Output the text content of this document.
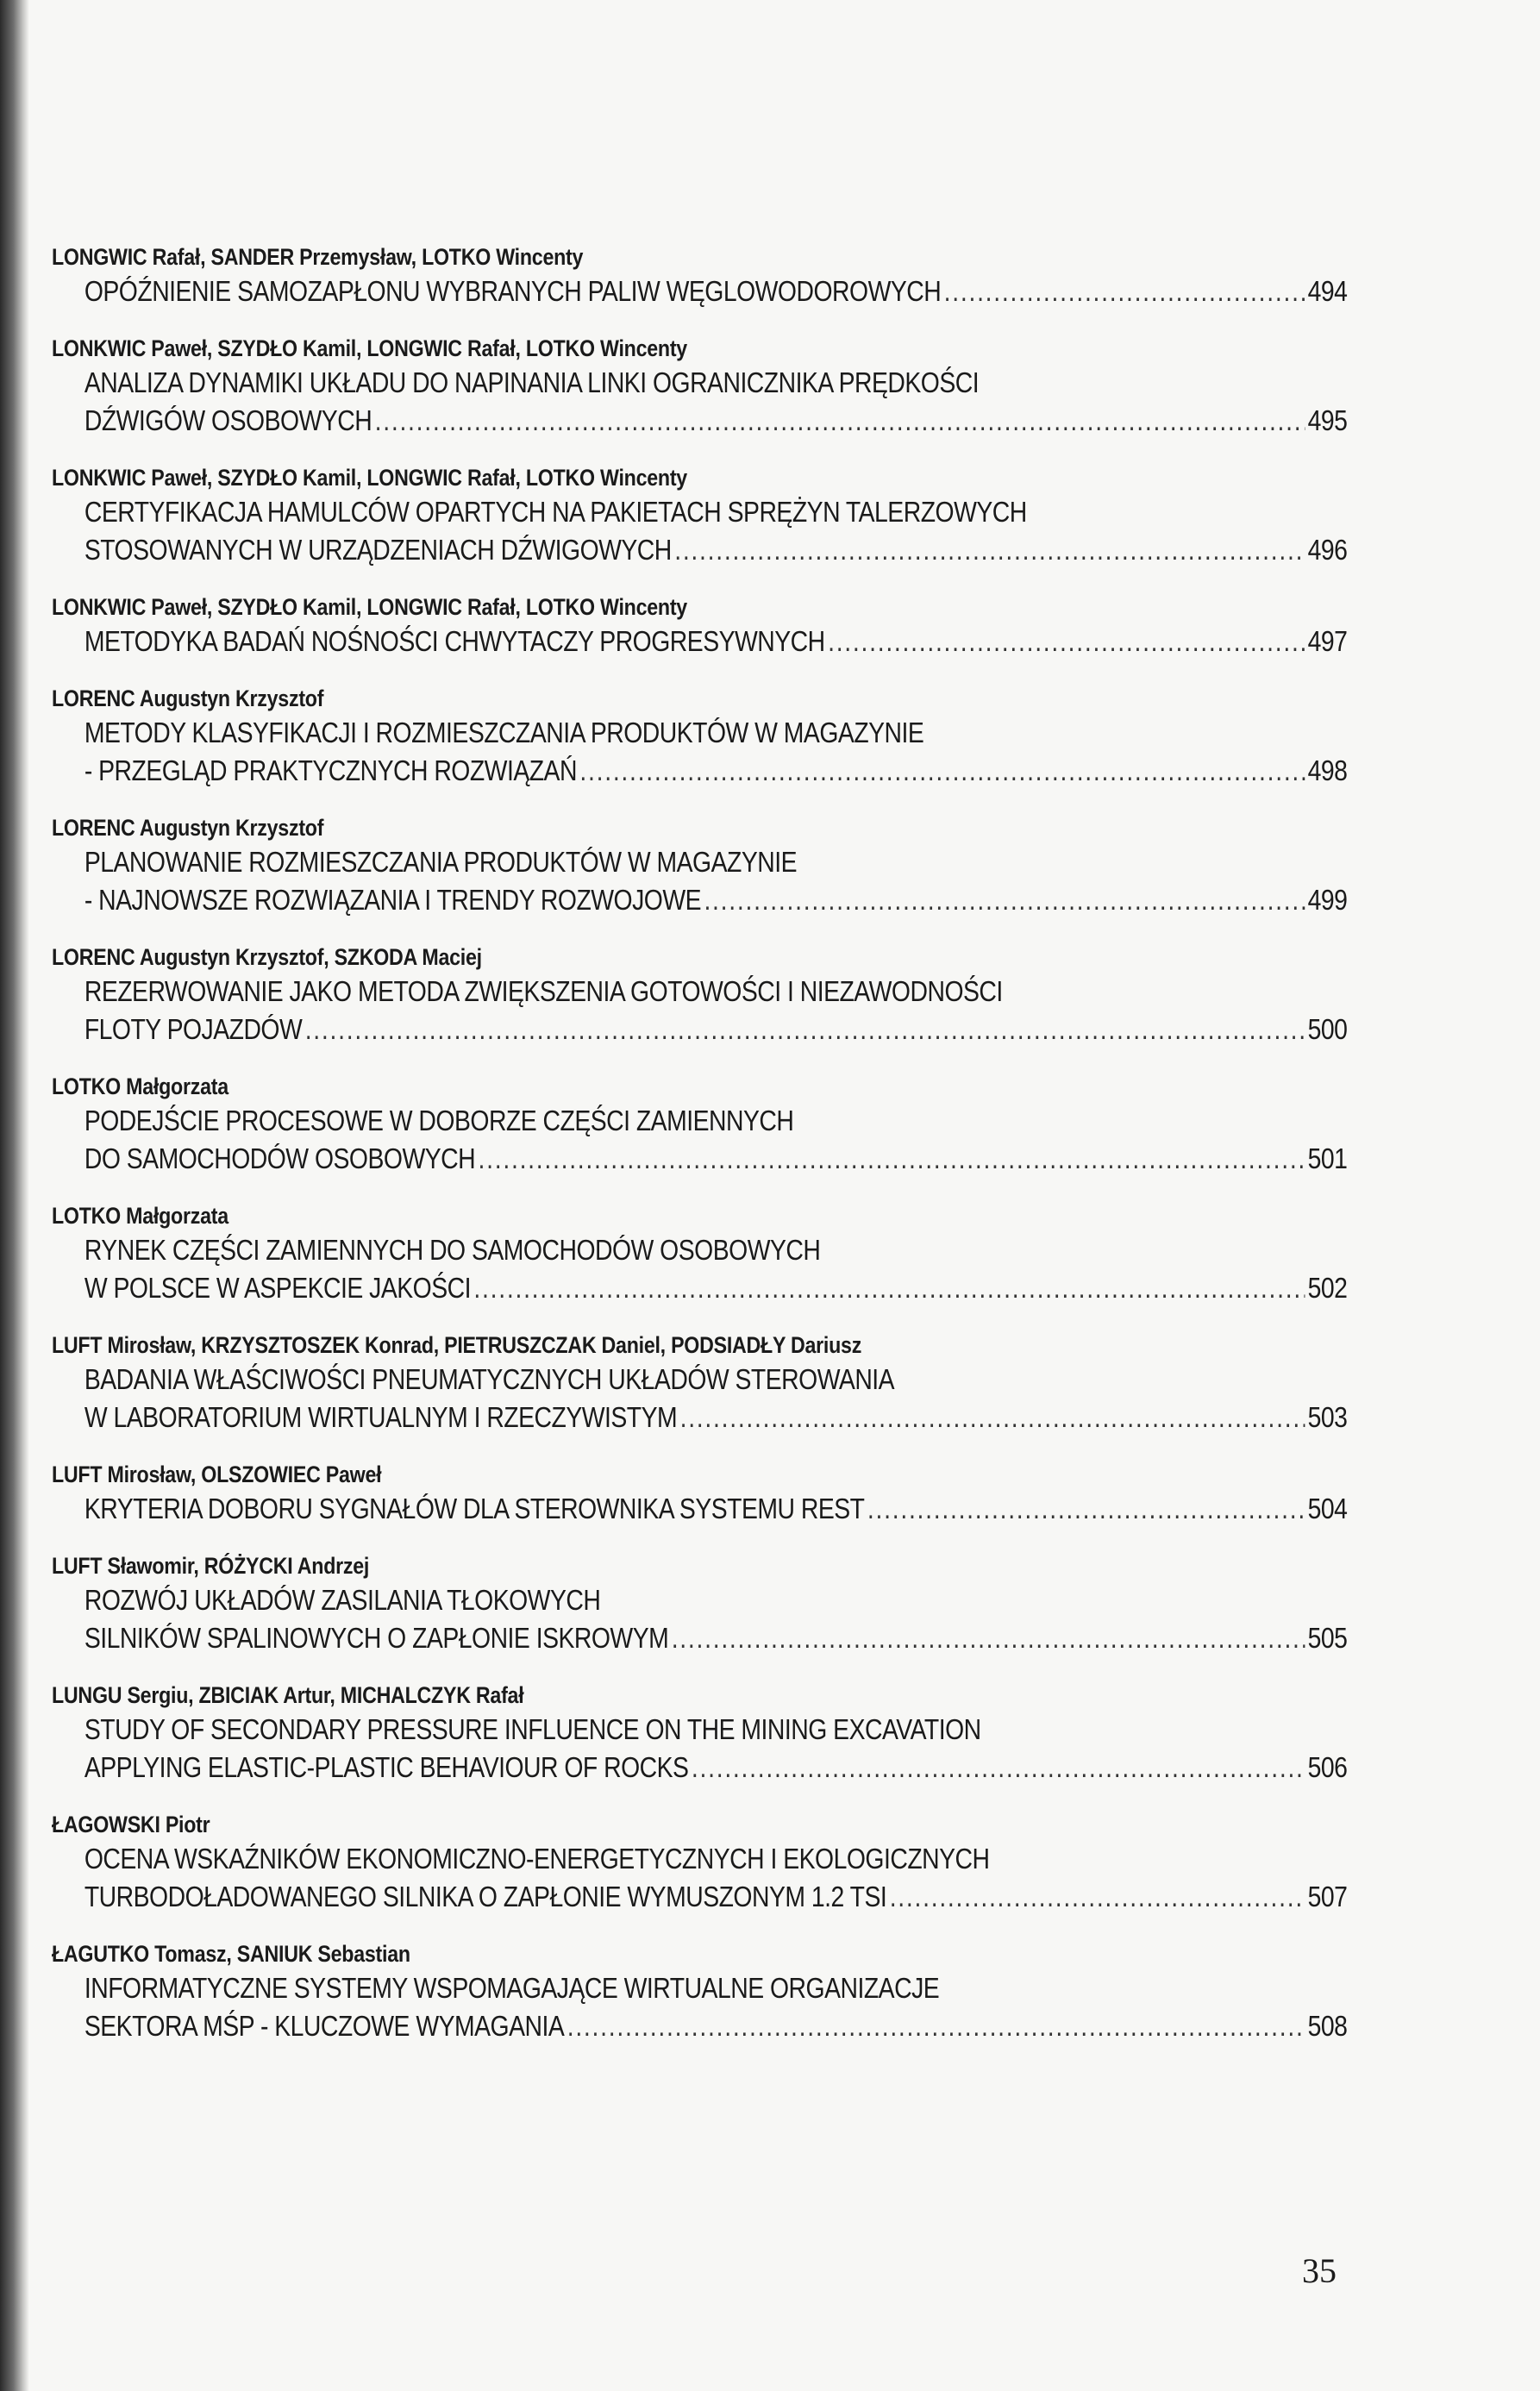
LONGWIC Rafał, SANDER Przemysław, LOTKO Wincenty
OPÓŹNIENIE SAMOZAPŁONU WYBRANYCH PALIW WĘGLOWODOROWYCH .....	494
LONKWIC Paweł, SZYDŁO Kamil, LONGWIC Rafał, LOTKO Wincenty
ANALIZA DYNAMIKI UKŁADU DO NAPINANIA LINKI OGRANICZNIKA PRĘDKOŚCI
DŹWIGÓW OSOBOWYCH .....	495
LONKWIC Paweł, SZYDŁO Kamil, LONGWIC Rafał, LOTKO Wincenty
CERTYFIKACJA HAMULCÓW OPARTYCH NA PAKIETACH SPRĘŻYN TALERZOWYCH
STOSOWANYCH W URZĄDZENIACH DŹWIGOWYCH .....	496
LONKWIC Paweł, SZYDŁO Kamil, LONGWIC Rafał, LOTKO Wincenty
METODYKA BADAŃ NOŚNOŚCI CHWYTACZY PROGRESYWNYCH .....	497
LORENC Augustyn Krzysztof
METODY KLASYFIKACJI I ROZMIESZCZANIA PRODUKTÓW W MAGAZYNIE
- PRZEGLĄD PRAKTYCZNYCH ROZWIĄZAŃ .....	498
LORENC Augustyn Krzysztof
PLANOWANIE ROZMIESZCZANIA PRODUKTÓW W MAGAZYNIE
- NAJNOWSZE ROZWIĄZANIA I TRENDY ROZWOJOWE .....	499
LORENC Augustyn Krzysztof, SZKODA Maciej
REZERWOWANIE JAKO METODA ZWIĘKSZENIA GOTOWOŚCI I NIEZAWODNOŚCI
FLOTY POJAZDÓW .....	500
LOTKO Małgorzata
PODEJŚCIE PROCESOWE W DOBORZE CZĘŚCI ZAMIENNYCH
DO SAMOCHODÓW OSOBOWYCH .....	501
LOTKO Małgorzata
RYNEK CZĘŚCI ZAMIENNYCH DO SAMOCHODÓW OSOBOWYCH
W POLSCE W ASPEKCIE JAKOŚCI .....	502
LUFT Mirosław, KRZYSZTOSZEK Konrad, PIETRUSZCZAK Daniel, PODSIADŁY Dariusz
BADANIA WŁAŚCIWOŚCI PNEUMATYCZNYCH UKŁADÓW STEROWANIA
W LABORATORIUM WIRTUALNYM I RZECZYWISTYM .....	503
LUFT Mirosław, OLSZOWIEC Paweł
KRYTERIA DOBORU SYGNAŁÓW DLA STEROWNIKA SYSTEMU REST .....	504
LUFT Sławomir, RÓŻYCKI Andrzej
ROZWÓJ UKŁADÓW ZASILANIA TŁOKOWYCH
SILNIKÓW SPALINOWYCH O ZAPŁONIE ISKROWYM .....	505
LUNGU Sergiu, ZBICIAK Artur, MICHALCZYK Rafał
STUDY OF SECONDARY PRESSURE INFLUENCE ON THE MINING EXCAVATION
APPLYING ELASTIC-PLASTIC BEHAVIOUR OF ROCKS .....	506
ŁAGOWSKI Piotr
OCENA WSKAŹNIKÓW EKONOMICZNO-ENERGETYCZNYCH I EKOLOGICZNYCH
TURBODOŁADOWANEGO SILNIKA O ZAPŁONIE WYMUSZONYM 1.2 TSI .....	507
ŁAGUTKO Tomasz, SANIUK Sebastian
INFORMATYCZNE SYSTEMY WSPOMAGAJĄCE WIRTUALNE ORGANIZACJE
SEKTORA MŚP - KLUCZOWE WYMAGANIA .....	508
35
